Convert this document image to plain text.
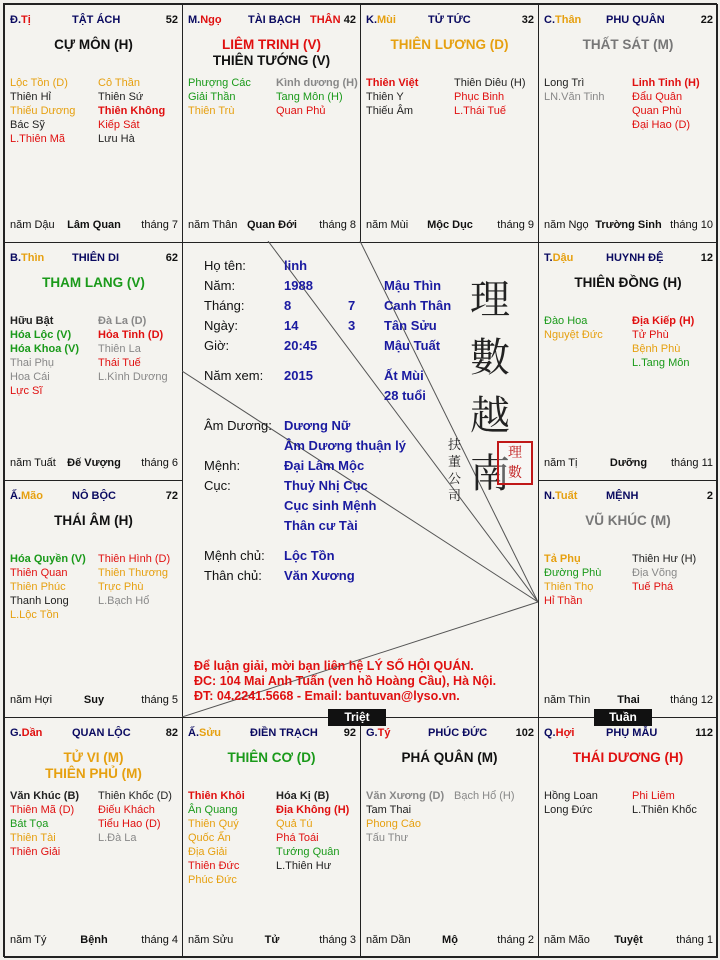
Đ.Tị	TẬT ÁCH	52
CỰ MÔN (H)
Lộc Tồn (D)
Thiên Hỉ
Thiếu Dương
Bác Sỹ
L.Thiên Mã
Cô Thần
Thiên Sứ
Thiên Không
Kiếp Sát
Lưu Hà
năm Dậu	Lâm Quan	tháng 7
M.Ngọ TÀI BẠCH THÂN 42
LIÊM TRINH (V)
THIÊN TƯỚNG (V)
Phượng Các
Giải Thần
Thiên Trù
Kình dương (H)
Tang Môn (H)
Quan Phủ
năm Thân Quan Đới	tháng 8
K.Mùi	TỬ TỨC	32
THIÊN LƯƠNG (D)
Thiên Việt
Thiên Y
Thiếu Âm
Thiên Diêu (H)
Phục Binh
L.Thái Tuế
năm Mùi	Mộc Dục	tháng 9
C.Thân PHU QUÂN	22
THẤT SÁT (M)
Long Trì
LN.Văn Tinh
Linh Tinh (H)
Đẩu Quân
Quan Phù
Đại Hao (D)
năm Ngọ Trường Sinh tháng 10
B.Thìn	THIÊN DI	62
THAM LANG (V)
Hữu Bật
Hóa Lộc (V)
Hóa Khoa (V)
Thai Phụ
Hoa Cái
Lực Sĩ
Đà La (D)
Hỏa Tinh (D)
Thiên La
Thái Tuế
L.Kình Dương
năm Tuất	Đế Vượng	tháng 6
T.Dậu	HUYNH ĐỆ	12
THIÊN ĐỒNG (H)
Đào Hoa
Nguyệt Đức
Địa Kiếp (H)
Tử Phù
Bệnh Phù
L.Tang Môn
năm Tị	Dưỡng	tháng 11
Ấ.Mão	NÔ BỘC	72
THÁI ÂM (H)
Hóa Quyền (V)
Thiên Quan
Thiên Phúc
Thanh Long
L.Lộc Tồn
Thiên Hình (D)
Thiên Thương
Trực Phù
L.Bạch Hổ
năm Hợi	Suy	tháng 5
N.Tuất	MỆNH	2
VŨ KHÚC (M)
Tả Phụ
Đường Phù
Thiên Thọ
Hỉ Thần
Thiên Hư (H)
Địa Võng
Tuế Phá
năm Thìn	Thai	tháng 12
G.Dần	QUAN LỘC	82
TỬ VI (M)
THIÊN PHỦ (M)
Văn Khúc (B)
Thiên Mã (D)
Bát Tọa
Thiên Tài
Thiên Giải
Thiên Khốc (D)
Điếu Khách
Tiểu Hao (D)
L.Đà La
năm Tý	Bệnh	tháng 4
Ấ.Sửu	ĐIỀN TRẠCH 92
THIÊN CƠ (D)
Thiên Khôi
Ân Quang
Thiên Quý
Quốc Ấn
Địa Giải
Thiên Đức
Phúc Đức
Hóa Kị (B)
Địa Không (H)
Quả Tú
Phá Toái
Tướng Quân
L.Thiên Hư
năm Sửu	Tử	tháng 3
G.Tý	PHÚC ĐỨC	102
PHÁ QUÂN (M)
Văn Xương (D)
Tam Thai
Phong Cáo
Tấu Thư
Bạch Hổ (H)
năm Dần	Mộ	tháng 2
Q.Hợi	PHỤ MẪU	112
THÁI DƯƠNG (H)
Hồng Loan
Long Đức
Phi Liêm
L.Thiên Khốc
năm Mão	Tuyệt	tháng 1
Họ tên:	linh
Năm:	1988	Mậu Thìn
Tháng:	8	7 Canh Thân
Ngày:	14	3 Tân Sửu
Giờ:	20:45	Mậu Tuất
Năm xem: 2015	Ất Mùi
28 tuổi
Âm Dương: Dương Nữ
Âm Dương thuận lý
Mệnh:	Đại Lâm Mộc
Cục:	Thuỷ Nhị Cục
Cục sinh Mệnh
Thân cư Tài
Mệnh chủ: Lộc Tồn
Thân chủ: Văn Xương
理
數
越
南
扶
董
公
司
理數
Để luận giải, mời bạn liên hệ LÝ SỐ HỘI QUÁN.
ĐC: 104 Mai Anh Tuấn (ven hồ Hoàng Cầu), Hà Nội.
ĐT: 04.2241.5668 - Email: bantuvan@lyso.vn.
Triệt	Tuần
